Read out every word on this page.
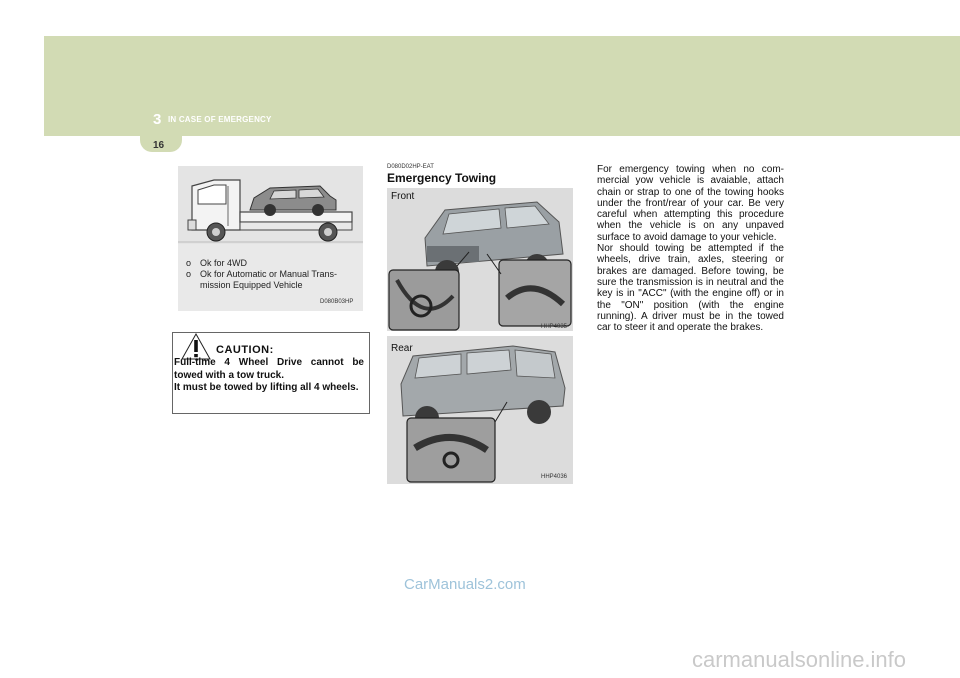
3 IN CASE OF EMERGENCY
16
o Ok for 4WD
o Ok for Automatic or Manual Trans-mission Equipped Vehicle
D080B03HP
CAUTION:

Full-time 4 Wheel Drive cannot be towed with a tow truck.

It must be towed by lifting all 4 wheels.

D080D02HP-EAT
Emergency Towing
Front
HHP4035
Rear
HHP4036

For emergency towing when no com-mercial yow vehicle is avaiable, attach chain or strap to one of the towing hooks under the front/rear of your car. Be very careful when attempting this procedure when the vehicle is on any unpaved surface to avoid damage to your vehicle.

Nor should towing be attempted if the wheels, drive train, axles, steering or brakes are damaged. Before towing, be sure the transmission is in neutral and the key is in "ACC" (with the engine off) or in the "ON" position (with the engine running). A driver must be in the towed car to steer it and operate the brakes.

CarManuals2.com
carmanualsonline.info
